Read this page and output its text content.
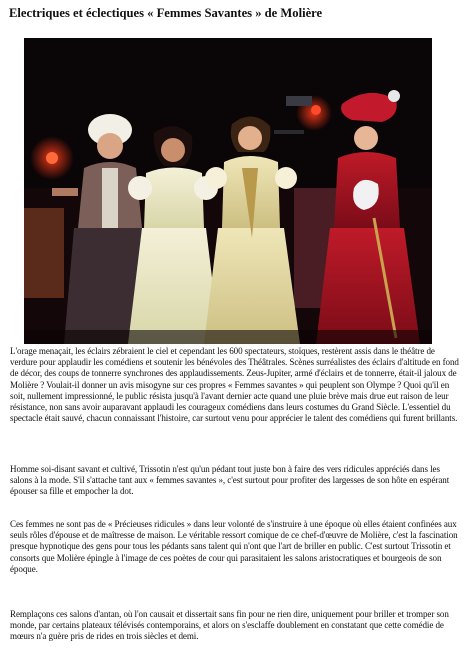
Electriques et éclectiques « Femmes Savantes » de Molière

L'orage menaçait, les éclairs zébraient le ciel et cependant les 600 spectateurs, stoïques, restèrent assis dans le théâtre de verdure pour applaudir les comédiens et soutenir les bénévoles des Théâtrales. Scènes surréalistes des éclairs d'altitude en fond de décor, des coups de tonnerre synchrones des applaudissements. Zeus-Jupiter, armé d'éclairs et de tonnerre, était-il jaloux de Molière ? Voulait-il donner un avis misogyne sur ces propres « Femmes savantes » qui peuplent son Olympe ? Quoi qu'il en soit, nullement impressionné, le public résista jusqu'à l'avant dernier acte quand une pluie brève mais drue eut raison de leur résistance, non sans avoir auparavant applaudi les courageux comédiens dans leurs costumes du Grand Siècle. L'essentiel du spectacle était sauvé, chacun connaissant l'histoire, car surtout venu pour apprécier le talent des comédiens qui furent brillants.

Homme soi-disant savant et cultivé, Trissotin n'est qu'un pédant tout juste bon à faire des vers ridicules appréciés dans les salons à la mode. S'il s'attache tant aux « femmes savantes », c'est surtout pour profiter des largesses de son hôte en espérant épouser sa fille et empocher la dot.

Ces femmes ne sont pas de « Précieuses ridicules » dans leur volonté de s'instruire à une époque où elles étaient confinées aux seuls rôles d'épouse et de maîtresse de maison. Le véritable ressort comique de ce chef-d'œuvre de Molière, c'est la fascination presque hypnotique des gens pour tous les pédants sans talent qui n'ont que l'art de briller en public. C'est surtout Trissotin et consorts que Molière épingle à l'image de ces poètes de cour qui parasitaient les salons aristocratiques et bourgeois de son époque.

Remplaçons ces salons d'antan, où l'on causait et dissertait sans fin pour ne rien dire, uniquement pour briller et tromper son monde, par certains plateaux télévisés contemporains, et alors on s'esclaffe doublement en constatant que cette comédie de mœurs n'a guère pris de rides en trois siècles et demi.
